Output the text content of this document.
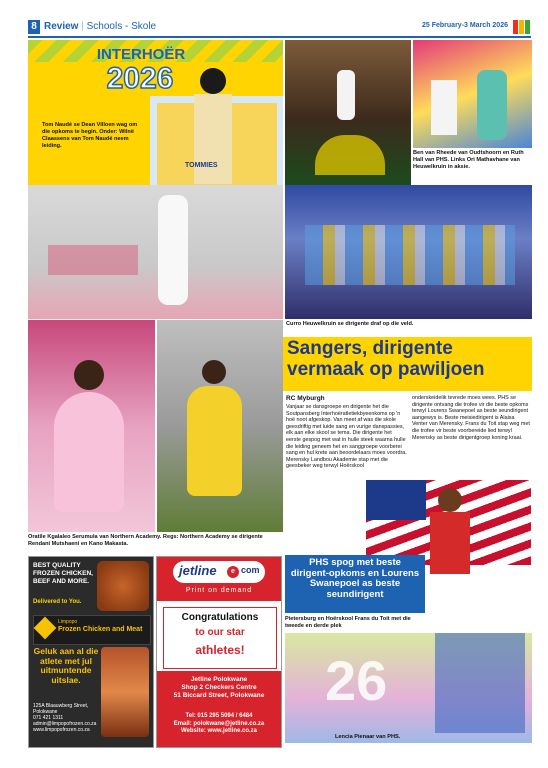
8 Review | Schools - Skole	25 February-3 March 2026
INTERHOËR
2026
TOMMIES
Tom Naudé se Dean Villoen wag om die opkoms te begin. Onder: Wilnë Claassens van Tom Naudé neem leiding.
Ben van Rheede van Oudtshoorn en Ruth Hall van PHS. Links Ori Mathavhane van Heuwelkruin in aksie.
Curro Heuwelkruin se dirigente draf op die veld.
Oratile Kgalaleo Serumula van Northern Academy. Regs: Northern Academy se dirigente Rendani Mutshaeni en Kano Makasta.
Sangers, dirigente vermaak op pawiljoen
RC Myburgh
Vanjaar se dansgroepe en dirigente het die Soutpansberg Interhoëratletiekbyeenkoms op 'n hoë noot afgeskop. Van meet af was die skole geesdriftig met luide sang en vurige danspassies, elk aan elke skool se tema. Die dirigente het eerste gespog met wat in hulle steek waarna hulle die leiding geneem het en sanggroepe voorberei sang en hul krete aan beoordelaars moes voordra. Merensky Landbou Akademie stap met die geesbeker weg terwyl Hoërskool
onderskeidelik tevrede moes wees. PHS se dirigente ontvang die trofee vir die beste opkoms terwyl Lourens Swanepoel as beste seundirigent aangewys is. Beste meisiedirigent is Alaisa Venter van Merensky. Frans du Toit stap weg met die trofee vir beste voorbereide lied terwyl Merensky as beste dirigentgroep koning kraai.
PHS spog met beste dirigent-opkoms en Lourens Swanepoel as beste seundirigent
Pietersburg en Hoërskool Frans du Toit met die tweede en derde plek
26
Lencia Pienaar van PHS.
BEST QUALITY FROZEN CHICKEN, BEEF AND MORE.
Delivered to You.
Limpopo
Frozen Chicken and Meat
Geluk aan al die atlete met jul uitmuntende uitslae.
125A Blaauwberg Street, Polokwane
071 421 1311
admin@limpopofrozen.co.za
www.limpopofrozen.co.za
jetline	e com
Print on demand
Congratulations
to our star
athletes!
Jetline Polokwane
Shop 2 Checkers Centre
51 Biccard Street, Polokwane
Tel: 015 295 5094 / 6484
Email: polokwane@jetline.co.za
Website: www.jetline.co.za
